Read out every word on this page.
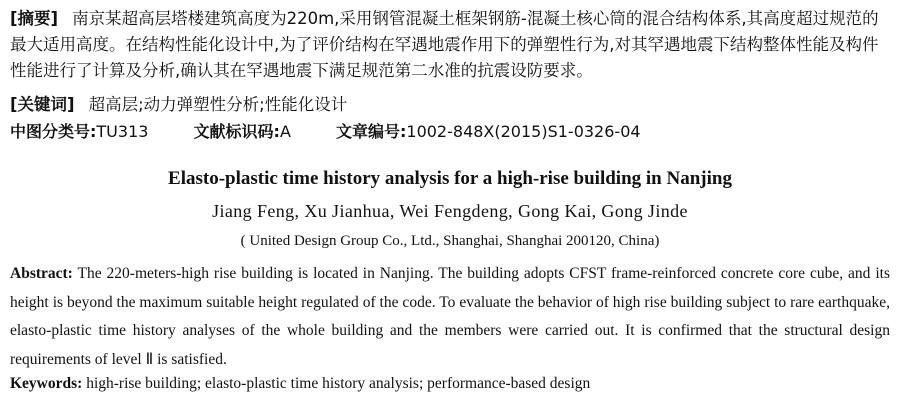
[摘要] 南京某超高层塔楼建筑高度为220m,采用钢管混凝土框架钢筋-混凝土核心筒的混合结构体系,其高度超过规范的最大适用高度。在结构性能化设计中,为了评价结构在罕遇地震作用下的弹塑性行为,对其罕遇地震下结构整体性能及构件性能进行了计算及分析,确认其在罕遇地震下满足规范第二水准的抗震设防要求。
[关键词] 超高层;动力弹塑性分析;性能化设计
中图分类号:TU313	文献标识码:A	文章编号:1002-848X(2015)S1-0326-04
Elasto-plastic time history analysis for a high-rise building in Nanjing
Jiang Feng, Xu Jianhua, Wei Fengdeng, Gong Kai, Gong Jinde
( United Design Group Co., Ltd., Shanghai, Shanghai 200120, China)
Abstract: The 220-meters-high rise building is located in Nanjing. The building adopts CFST frame-reinforced concrete core cube, and its height is beyond the maximum suitable height regulated of the code. To evaluate the behavior of high rise building subject to rare earthquake, elasto-plastic time history analyses of the whole building and the members were carried out. It is confirmed that the structural design requirements of level Ⅱ is satisfied.
Keywords: high-rise building; elasto-plastic time history analysis; performance-based design
